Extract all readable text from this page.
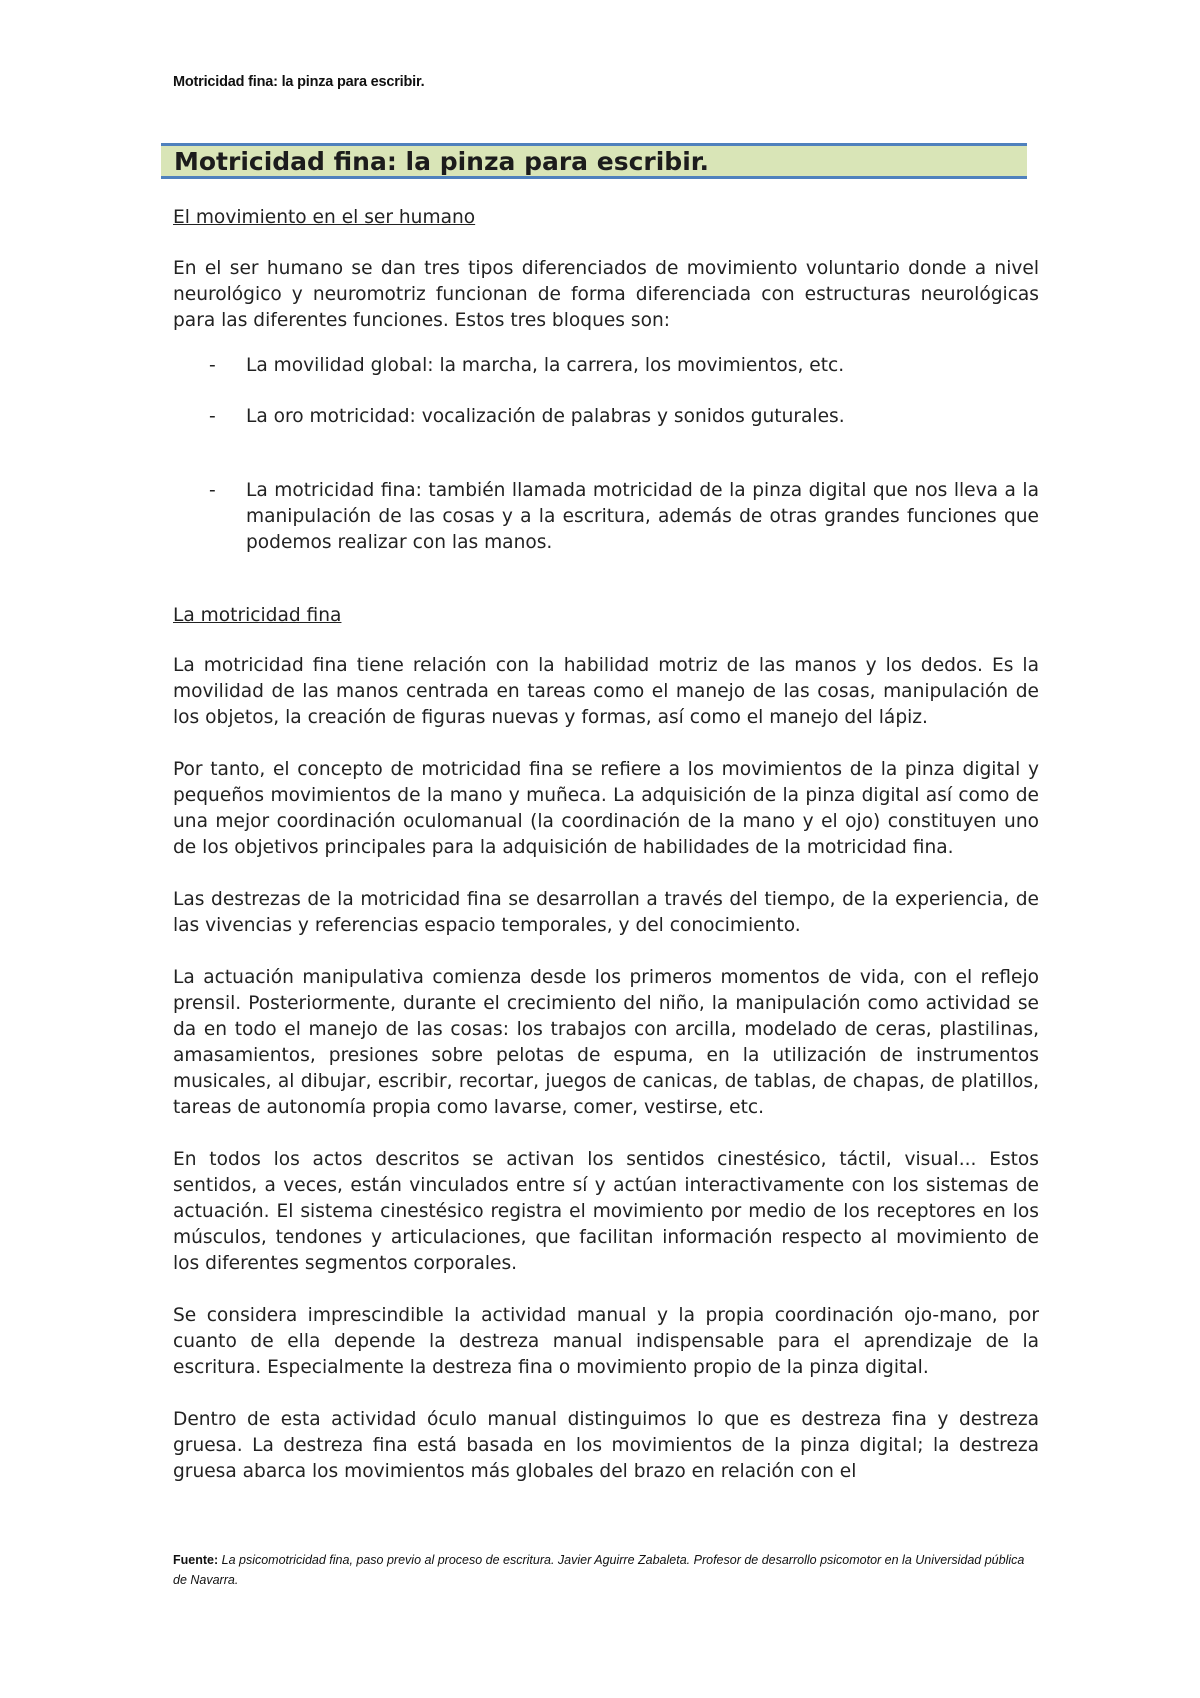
Motricidad fina: la pinza para escribir.
Motricidad fina: la pinza para escribir.

El movimiento en el ser humano

En el ser humano se dan tres tipos diferenciados de movimiento voluntario donde a nivel neurológico y neuromotriz funcionan de forma diferenciada con estructuras neurológicas para las diferentes funciones. Estos tres bloques son:

- La movilidad global: la marcha, la carrera, los movimientos, etc.
- La oro motricidad: vocalización de palabras y sonidos guturales.
- La motricidad fina: también llamada motricidad de la pinza digital que nos lleva a la manipulación de las cosas y a la escritura, además de otras grandes funciones que podemos realizar con las manos.

La motricidad fina

La motricidad fina tiene relación con la habilidad motriz de las manos y los dedos. Es la movilidad de las manos centrada en tareas como el manejo de las cosas, manipulación de los objetos, la creación de figuras nuevas y formas, así como el manejo del lápiz.

Por tanto, el concepto de motricidad fina se refiere a los movimientos de la pinza digital y pequeños movimientos de la mano y muñeca. La adquisición de la pinza digital así como de una mejor coordinación oculomanual (la coordinación de la mano y el ojo) constituyen uno de los objetivos principales para la adquisición de habilidades de la motricidad fina.

Las destrezas de la motricidad fina se desarrollan a través del tiempo, de la experiencia, de las vivencias y referencias espacio temporales, y del conocimiento.

La actuación manipulativa comienza desde los primeros momentos de vida, con el reflejo prensil. Posteriormente, durante el crecimiento del niño, la manipulación como actividad se da en todo el manejo de las cosas: los trabajos con arcilla, modelado de ceras, plastilinas, amasamientos, presiones sobre pelotas de espuma, en la utilización de instrumentos musicales, al dibujar, escribir, recortar, juegos de canicas, de tablas, de chapas, de platillos, tareas de autonomía propia como lavarse, comer, vestirse, etc.

En todos los actos descritos se activan los sentidos cinestésico, táctil, visual... Estos sentidos, a veces, están vinculados entre sí y actúan interactivamente con los sistemas de actuación. El sistema cinestésico registra el movimiento por medio de los receptores en los músculos, tendones y articulaciones, que facilitan información respecto al movimiento de los diferentes segmentos corporales.

Se considera imprescindible la actividad manual y la propia coordinación ojo-mano, por cuanto de ella depende la destreza manual indispensable para el aprendizaje de la escritura. Especialmente la destreza fina o movimiento propio de la pinza digital.

Dentro de esta actividad óculo manual distinguimos lo que es destreza fina y destreza gruesa. La destreza fina está basada en los movimientos de la pinza digital; la destreza gruesa abarca los movimientos más globales del brazo en relación con el

Fuente: La psicomotricidad fina, paso previo al proceso de escritura. Javier Aguirre Zabaleta. Profesor de desarrollo psicomotor en la Universidad pública de Navarra.
